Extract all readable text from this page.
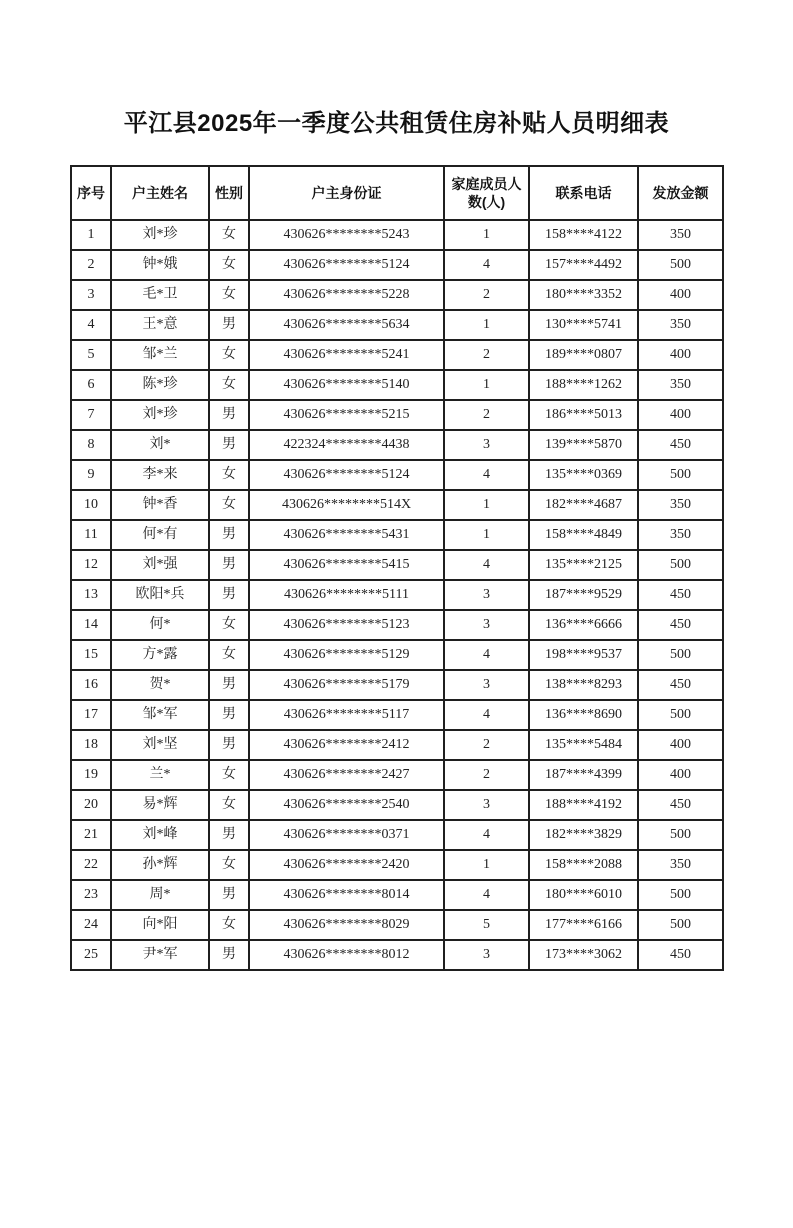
平江县2025年一季度公共租赁住房补贴人员明细表
序号	户主姓名	性别	户主身份证	家庭成员人数(人)	联系电话	发放金额
1	刘*珍	女	430626********5243	1	158****4122	350
2	钟*娥	女	430626********5124	4	157****4492	500
3	毛*卫	女	430626********5228	2	180****3352	400
4	王*意	男	430626********5634	1	130****5741	350
5	邹*兰	女	430626********5241	2	189****0807	400
6	陈*珍	女	430626********5140	1	188****1262	350
7	刘*珍	男	430626********5215	2	186****5013	400
8	刘*	男	422324********4438	3	139****5870	450
9	李*来	女	430626********5124	4	135****0369	500
10	钟*香	女	430626********514X	1	182****4687	350
11	何*有	男	430626********5431	1	158****4849	350
12	刘*强	男	430626********5415	4	135****2125	500
13	欧阳*兵	男	430626********5111	3	187****9529	450
14	何*	女	430626********5123	3	136****6666	450
15	方*露	女	430626********5129	4	198****9537	500
16	贺*	男	430626********5179	3	138****8293	450
17	邹*军	男	430626********5117	4	136****8690	500
18	刘*坚	男	430626********2412	2	135****5484	400
19	兰*	女	430626********2427	2	187****4399	400
20	易*辉	女	430626********2540	3	188****4192	450
21	刘*峰	男	430626********0371	4	182****3829	500
22	孙*辉	女	430626********2420	1	158****2088	350
23	周*	男	430626********8014	4	180****6010	500
24	向*阳	女	430626********8029	5	177****6166	500
25	尹*军	男	430626********8012	3	173****3062	450
